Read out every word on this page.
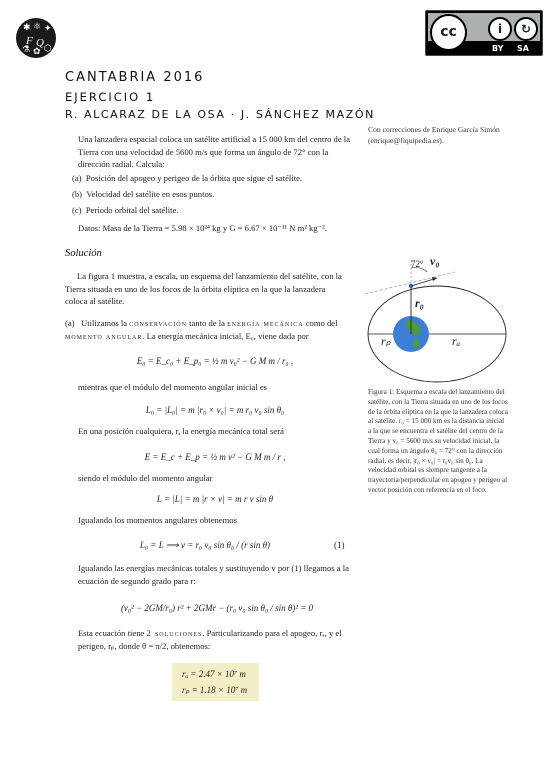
✱ ⚛ ✦
F Q
⚗ ✿ ⬡
cc	i	↻
BY SA
CANTABRIA 2016
EJERCICIO 1
R. ALCARAZ DE LA OSA · J. SÁNCHEZ MAZÓN
Con correcciones de Enrique García Simón (enrique@fiquipedia.es).
Una lanzadera espacial coloca un satélite artificial a 15 000 km del centro de la Tierra con una velocidad de 5600 m/s que forma un ángulo de 72° con la dirección radial. Calcula:
(a) Posición del apogeo y perigeo de la órbita que sigue el satélite.
(b) Velocidad del satélite en esos puntos.
(c) Período orbital del satélite.
Datos: Masa de la Tierra = 5.98 × 10²⁴ kg y G = 6.67 × 10⁻¹¹ N m² kg⁻².
Solución
La figura 1 muestra, a escala, un esquema del lanzamiento del satélite, con la Tierra situada en uno de los focos de la órbita elíptica en la que la lanzadera coloca al satélite.
(a) Utilizamos la conservación tanto de la energía mecánica como del momento angular. La energía mecánica inicial, E₀, viene dada por
E₀ = E_c₀ + E_p₀ = ½ m v₀² − G M m / r₀ ,
mientras que el módulo del momento angular inicial es
L₀ = |L₀| = m |r₀ × v₀| = m r₀ v₀ sin θ₀
En una posición cualquiera, r, la energía mecánica total será
E = E_c + E_p = ½ m v² − G M m / r ,
siendo el módulo del momento angular
L = |L| = m |r × v| = m r v sin θ
Igualando los momentos angulares obtenemos
L₀ = L ⟹ v = r₀ v₀ sin θ₀ / (r sin θ)	(1)
Igualando las energías mecánicas totales y sustituyendo v por (1) llegamos a la ecuación de segundo grado para r:
(v₀² − 2GM/r₀) r² + 2GMr − (r₀ v₀ sin θ₀ / sin θ)² = 0
Esta ecuación tiene 2 soluciones. Particularizando para el apogeo, rₐ, y el perigeo, rₚ, donde θ = π/2, obtenemos:
rₐ = 2.47 × 10⁷ m
rₚ = 1.18 × 10⁷ m
72° v₀
r₀
rₚ	rₐ
Figura 1: Esquema a escala del lanzamiento del satélite, con la Tierra situada en uno de los focos de la órbita elíptica en la que la lanzadera coloca al satélite. r₀ = 15 000 km es la distancia inicial a la que se encuentra el satélite del centro de la Tierra y v₀ = 5600 m/s su velocidad inicial, la cual forma un ángulo θ₀ = 72° con la dirección radial, es decir, |r₀ × v₀| = r₀v₀ sin θ₀. La velocidad orbital es siempre tangente a la trayectoria/perpendicular en apogeo y perigeo al vector posición con referencia en el foco.
